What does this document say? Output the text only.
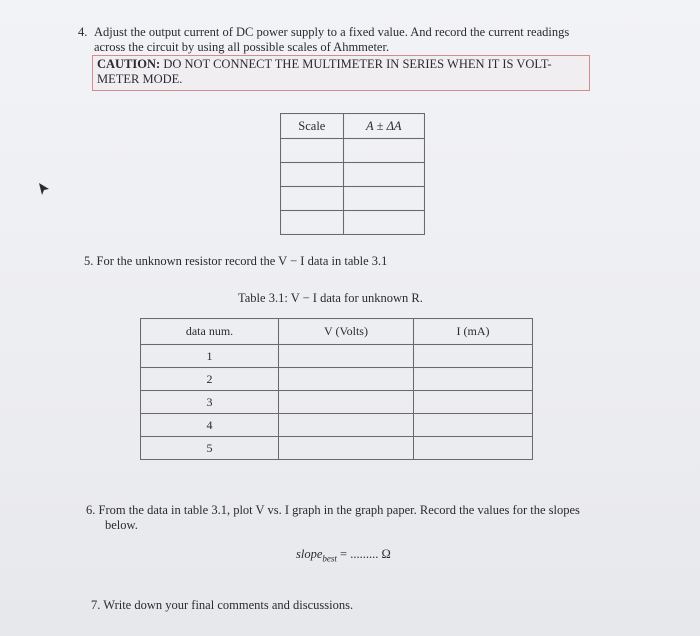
4. Adjust the output current of DC power supply to a fixed value. And record the current readings
across the circuit by using all possible scales of Ahmmeter.
CAUTION: DO NOT CONNECT THE MULTIMETER IN SERIES WHEN IT IS VOLT-
METER MODE.
Scale	A ± ΔA

5. For the unknown resistor record the V − I data in table 3.1
Table 3.1: V − I data for unknown R.
data num.	V (Volts)	I (mA)
1		
2		
3		
4		
5		
6. From the data in table 3.1, plot V vs. I graph in the graph paper. Record the values for the slopes
below.
slope$_{best}$ = ......... Ω
7. Write down your final comments and discussions.
